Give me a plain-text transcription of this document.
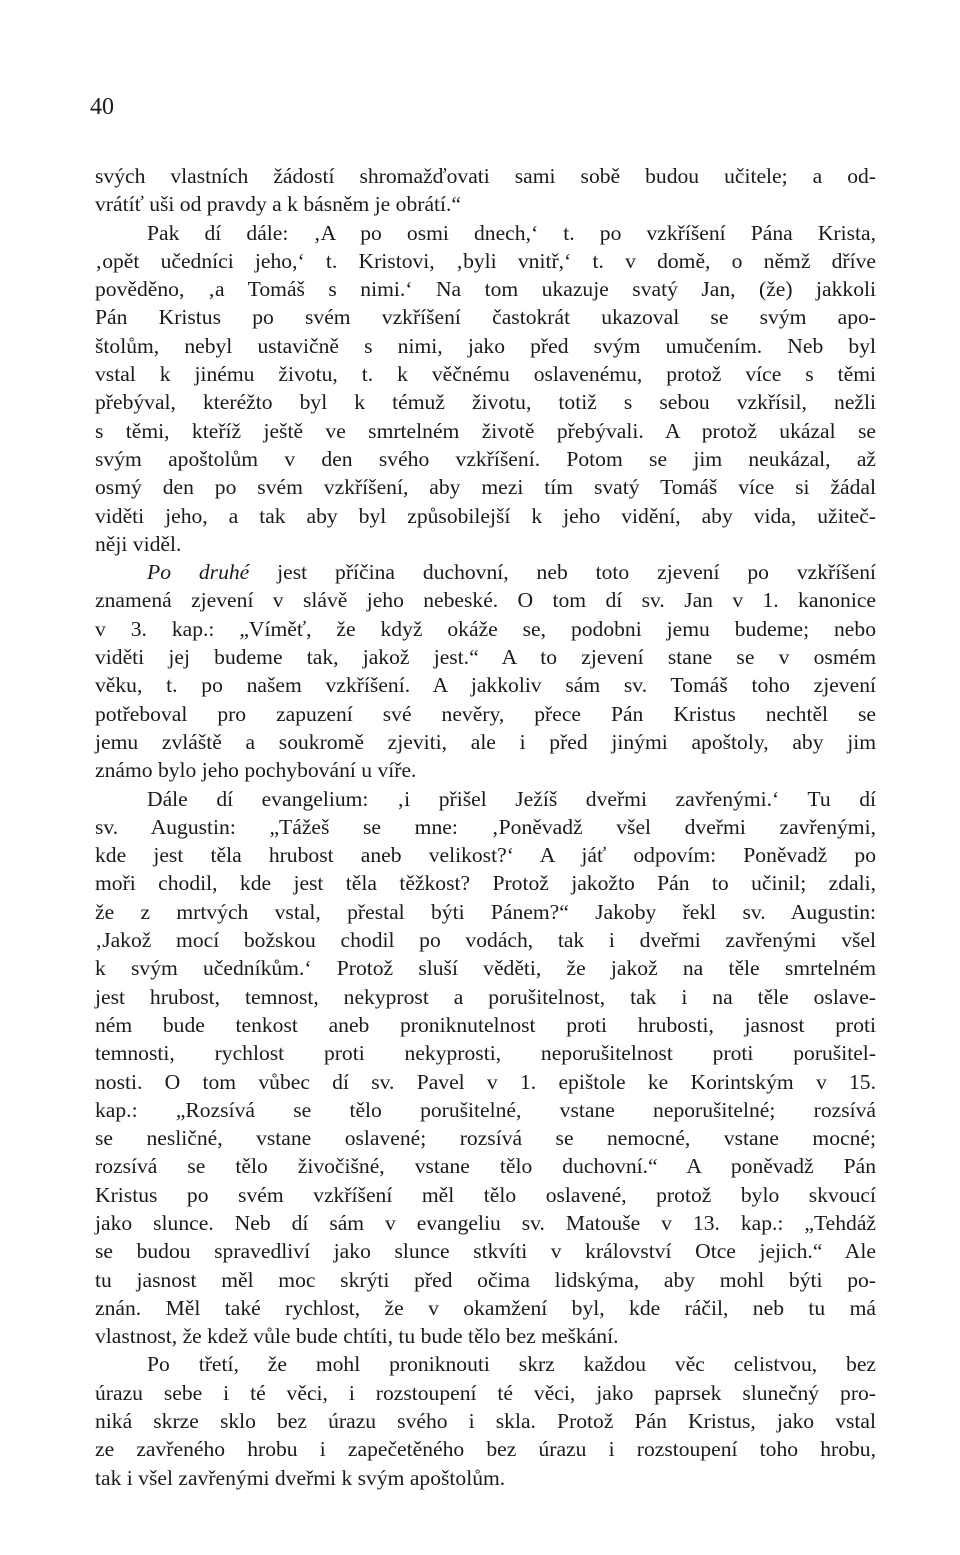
40
svých vlastních žádostí shromažďovati sami sobě budou učitele; a od-
vrátíť uši od pravdy a k básněm je obrátí.“
Pak dí dále: ‚A po osmi dnech,‘ t. po vzkříšení Pána Krista,
‚opět učedníci jeho,‘ t. Kristovi, ‚byli vnitř,‘ t. v domě, o němž dříve
pověděno, ‚a Tomáš s nimi.‘ Na tom ukazuje svatý Jan, (že) jakkoli
Pán Kristus po svém vzkříšení častokrát ukazoval se svým apo-
štolům, nebyl ustavičně s nimi, jako před svým umučením. Neb byl
vstal k jinému životu, t. k věčnému oslavenému, protož více s těmi
přebýval, kteréžto byl k témuž životu, totiž s sebou vzkřísil, nežli
s těmi, kteříž ještě ve smrtelném životě přebývali. A protož ukázal se
svým apoštolům v den svého vzkříšení. Potom se jim neukázal, až
osmý den po svém vzkříšení, aby mezi tím svatý Tomáš více si žádal
viděti jeho, a tak aby byl způsobilejší k jeho vidění, aby vida, užiteč-
něji viděl.
Po druhé jest příčina duchovní, neb toto zjevení po vzkříšení
znamená zjevení v slávě jeho nebeské. O tom dí sv. Jan v 1. kanonice
v 3. kap.: „Víměť, že když okáže se, podobni jemu budeme; nebo
viděti jej budeme tak, jakož jest.“ A to zjevení stane se v osmém
věku, t. po našem vzkříšení. A jakkoliv sám sv. Tomáš toho zjevení
potřeboval pro zapuzení své nevěry, přece Pán Kristus nechtěl se
jemu zvláště a soukromě zjeviti, ale i před jinými apoštoly, aby jim
známo bylo jeho pochybování u víře.
Dále dí evangelium: ‚i přišel Ježíš dveřmi zavřenými.‘ Tu dí
sv. Augustin: „Tážeš se mne: ‚Poněvadž všel dveřmi zavřenými,
kde jest těla hrubost aneb velikost?‘ A jáť odpovím: Poněvadž po
moři chodil, kde jest těla těžkost? Protož jakožto Pán to učinil; zdali,
že z mrtvých vstal, přestal býti Pánem?“ Jakoby řekl sv. Augustin:
‚Jakož mocí božskou chodil po vodách, tak i dveřmi zavřenými všel
k svým učedníkům.‘ Protož sluší věděti, že jakož na těle smrtelném
jest hrubost, temnost, nekyprost a porušitelnost, tak i na těle oslave-
ném bude tenkost aneb proniknutelnost proti hrubosti, jasnost proti
temnosti, rychlost proti nekyprosti, neporušitelnost proti porušitel-
nosti. O tom vůbec dí sv. Pavel v 1. epištole ke Korintským v 15.
kap.: „Rozsívá se tělo porušitelné, vstane neporušitelné; rozsívá
se nesličné, vstane oslavené; rozsívá se nemocné, vstane mocné;
rozsívá se tělo živočišné, vstane tělo duchovní.“ A poněvadž Pán
Kristus po svém vzkříšení měl tělo oslavené, protož bylo skvoucí
jako slunce. Neb dí sám v evangeliu sv. Matouše v 13. kap.: „Tehdáž
se budou spravedliví jako slunce stkvíti v království Otce jejich.“ Ale
tu jasnost měl moc skrýti před očima lidskýma, aby mohl býti po-
znán. Měl také rychlost, že v okamžení byl, kde ráčil, neb tu má
vlastnost, že kdež vůle bude chtíti, tu bude tělo bez meškání.
Po třetí, že mohl proniknouti skrz každou věc celistvou, bez
úrazu sebe i té věci, i rozstoupení té věci, jako paprsek slunečný pro-
niká skrze sklo bez úrazu svého i skla. Protož Pán Kristus, jako vstal
ze zavřeného hrobu i zapečetěného bez úrazu i rozstoupení toho hrobu,
tak i všel zavřenými dveřmi k svým apoštolům.
